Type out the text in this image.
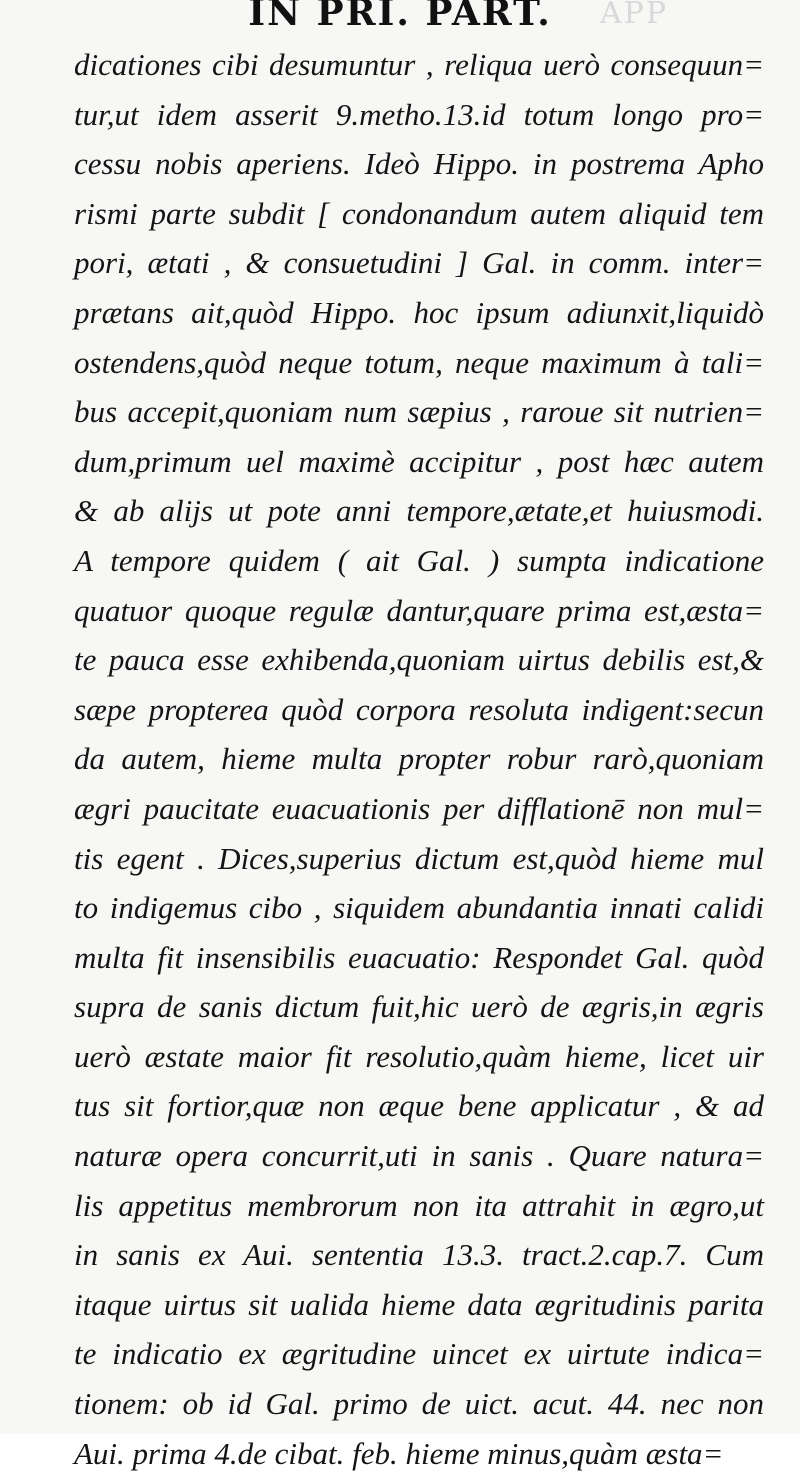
APP
IN PRI. PART.
dicationes cibi desumuntur , reliqua uerò consequun=
tur,ut idem asserit 9.metho.13.id totum longo pro=
cessu nobis aperiens. Ideò Hippo. in postrema Apho
rismi parte subdit [ condonandum autem aliquid tem
pori, ætati , & consuetudini ] Gal. in comm. inter=
prætans ait,quòd Hippo. hoc ipsum adiunxit,liquidò
ostendens,quòd neque totum, neque maximum à tali=
bus accepit,quoniam num sæpius , raroue sit nutrien=
dum,primum uel maximè accipitur , post hæc autem
& ab alijs ut pote anni tempore,ætate,et huiusmodi.
A tempore quidem ( ait Gal. ) sumpta indicatione
quatuor quoque regulæ dantur,quare prima est,æsta=
te pauca esse exhibenda,quoniam uirtus debilis est,&
sæpe propterea quòd corpora resoluta indigent:secun
da autem, hieme multa propter robur rarò,quoniam
ægri paucitate euacuationis per difflationē non mul=
tis egent . Dices,superius dictum est,quòd hieme mul
to indigemus cibo , siquidem abundantia innati calidi
multa fit insensibilis euacuatio: Respondet Gal. quòd
supra de sanis dictum fuit,hic uerò de ægris,in ægris
uerò æstate maior fit resolutio,quàm hieme, licet uir
tus sit fortior,quæ non æque bene applicatur , & ad
naturæ opera concurrit,uti in sanis . Quare natura=
lis appetitus membrorum non ita attrahit in ægro,ut
in sanis ex Aui. sententia 13.3. tract.2.cap.7. Cum
itaque uirtus sit ualida hieme data ægritudinis parita
te indicatio ex ægritudine uincet ex uirtute indica=
tionem: ob id Gal. primo de uict. acut. 44. nec non
Aui. prima 4.de cibat. feb. hieme minus,quàm æsta=
